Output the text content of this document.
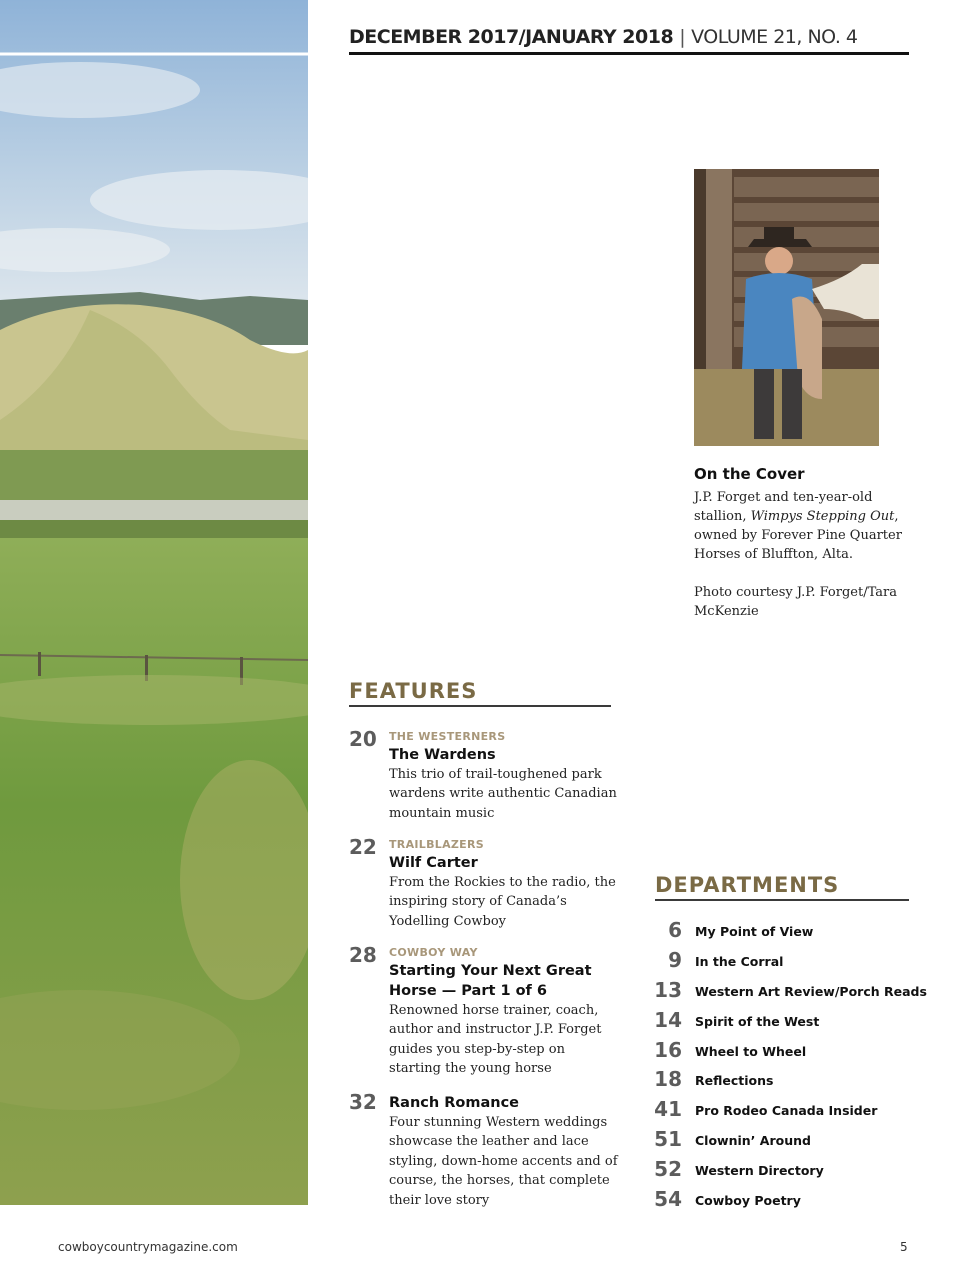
DECEMBER 2017/JANUARY 2018 | VOLUME 21, NO. 4
On the Cover
J.P. Forget and ten-year-old stallion, Wimpys Stepping Out, owned by Forever Pine Quarter Horses of Bluffton, Alta.
Photo courtesy J.P. Forget/Tara McKenzie
FEATURES
20	THE WESTERNERS
The Wardens
This trio of trail-toughened park wardens write authentic Canadian mountain music
22	TRAILBLAZERS
Wilf Carter
From the Rockies to the radio, the inspiring story of Canada’s Yodelling Cowboy
28	COWBOY WAY
Starting Your Next Great Horse — Part 1 of 6
Renowned horse trainer, coach, author and instructor J.P. Forget guides you step-by-step on starting the young horse
32 Ranch Romance
Four stunning Western weddings showcase the leather and lace styling, down-home accents and of course, the horses, that complete their love story
DEPARTMENTS
6 My Point of View
9 In the Corral
13 Western Art Review/Porch Reads
14 Spirit of the West
16 Wheel to Wheel
18 Reflections
41 Pro Rodeo Canada Insider
51 Clownin’ Around
52 Western Directory
54 Cowboy Poetry
cowboycountrymagazine.com	5
